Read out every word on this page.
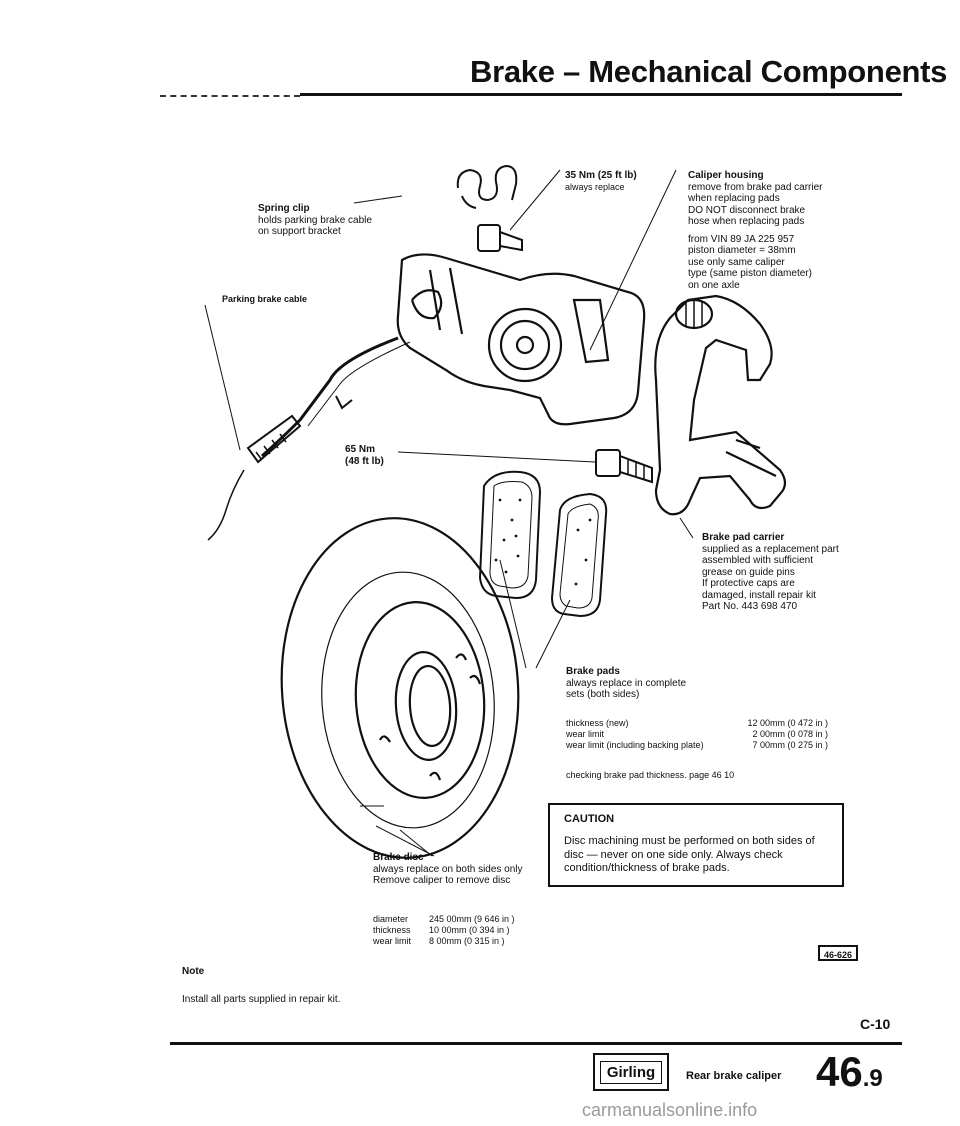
Brake – Mechanical Components
Spring clip
holds parking brake cable
on support bracket
35 Nm (25 ft lb)
always replace
Caliper housing
remove from brake pad carrier
when replacing pads
DO NOT disconnect brake
hose when replacing pads
from VIN 89 JA 225 957
piston diameter = 38mm
use only same caliper
type (same piston diameter)
on one axle
Parking brake cable
65 Nm
(48 ft lb)
Brake pad carrier
supplied as a replacement part
assembled with sufficient
grease on guide pins
If protective caps are
damaged, install repair kit
Part No. 443 698 470
Brake pads
always replace in complete
sets (both sides)
thickness (new)	12 00mm (0 472 in )
wear limit	2 00mm (0 078 in )
wear limit (including backing plate)	7 00mm (0 275 in )
checking brake pad thickness. page 46 10
CAUTION
Disc machining must be performed on both sides of disc — never on one side only. Always check condition/thickness of brake pads.
Brake disc
always replace on both sides only
Remove caliper to remove disc
diameter	245 00mm (9 646 in )
thickness	10 00mm (0 394 in )
wear limit	8 00mm (0 315 in )
46-626
Note
Install all parts supplied in repair kit.
C-10
Girling	Rear brake caliper 46.9
carmanualsonline.info
